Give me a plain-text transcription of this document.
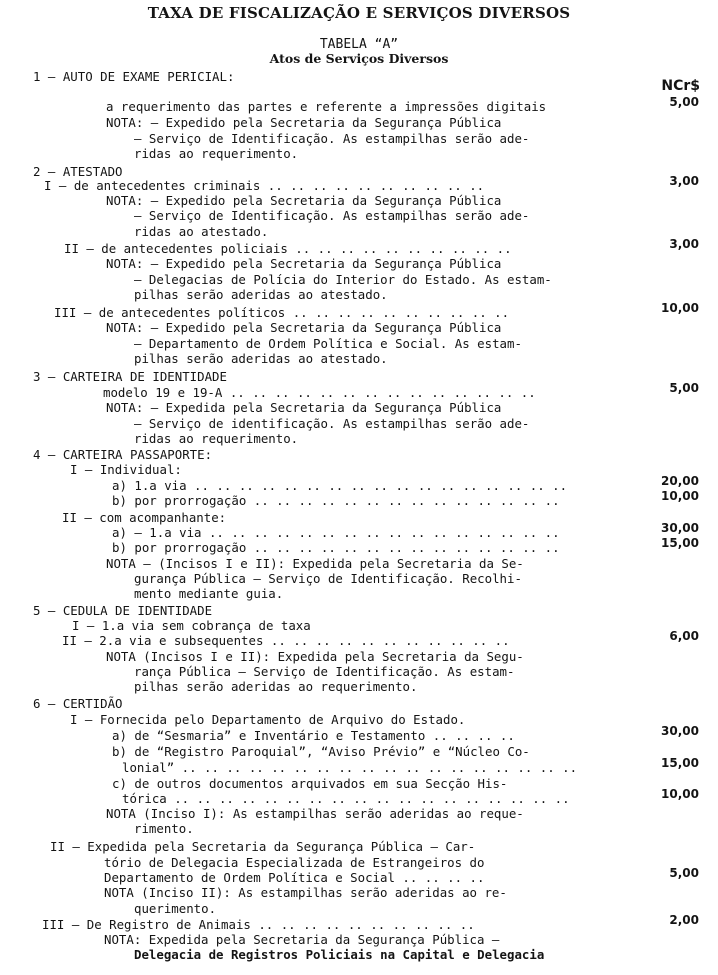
TAXA DE FISCALIZAÇÃO E SERVIÇOS DIVERSOS
TABELA “A”
Atos de Serviços Diversos
NCr$
1 — AUTO DE EXAME PERICIAL:
a requerimento das partes e referente a impressões digitais	5,00
NOTA: — Expedido pela Secretaria da Segurança Pública
— Serviço de Identificação. As estampilhas serão ade-
ridas ao requerimento.
2 — ATESTADO
I — de antecedentes criminais .. .. .. .. .. .. .. .. .. ..	3,00
NOTA: — Expedido pela Secretaria da Segurança Pública
— Serviço de Identificação. As estampilhas serão ade-
ridas ao atestado.
II — de antecedentes policiais .. .. .. .. .. .. .. .. .. ..	3,00
NOTA: — Expedido pela Secretaria da Segurança Pública
— Delegacias de Polícia do Interior do Estado. As estam-
pilhas serão aderidas ao atestado.
III — de antecedentes políticos .. .. .. .. .. .. .. .. .. ..	10,00
NOTA: — Expedido pela Secretaria da Segurança Pública
— Departamento de Ordem Política e Social. As estam-
pilhas serão aderidas ao atestado.
3 — CARTEIRA DE IDENTIDADE
modelo 19 e 19-A .. .. .. .. .. .. .. .. .. .. .. .. .. ..	5,00
NOTA: — Expedida pela Secretaria da Segurança Pública
— Serviço de identificação. As estampilhas serão ade-
ridas ao requerimento.
4 — CARTEIRA PASSAPORTE:
I — Individual:
a) 1.a via .. .. .. .. .. .. .. .. .. .. .. .. .. .. .. .. ..	20,00
b) por prorrogação .. .. .. .. .. .. .. .. .. .. .. .. .. ..	10,00
II — com acompanhante:
a) — 1.a via .. .. .. .. .. .. .. .. .. .. .. .. .. .. .. ..	30,00
b) por prorrogação .. .. .. .. .. .. .. .. .. .. .. .. .. ..	15,00
NOTA — (Incisos I e II): Expedida pela Secretaria da Se-
gurança Pública — Serviço de Identificação. Recolhi-
mento mediante guia.
5 — CEDULA DE IDENTIDADE
I — 1.a via sem cobrança de taxa
II — 2.a via e subsequentes .. .. .. .. .. .. .. .. .. .. ..	6,00
NOTA (Incisos I e II): Expedida pela Secretaria da Segu-
rança Pública — Serviço de Identificação. As estam-
pilhas serão aderidas ao requerimento.
6 — CERTIDÃO
I — Fornecida pelo Departamento de Arquivo do Estado.
a) de “Sesmaria” e Inventário e Testamento .. .. .. ..	30,00
b) de “Registro Paroquial”, “Aviso Prévio” e “Núcleo Co-
lonial” .. .. .. .. .. .. .. .. .. .. .. .. .. .. .. .. .. ..	15,00
c) de outros documentos arquivados em sua Secção His-
tórica .. .. .. .. .. .. .. .. .. .. .. .. .. .. .. .. .. ..	10,00
NOTA (Inciso I): As estampilhas serão aderidas ao reque-
rimento.
II — Expedida pela Secretaria da Segurança Pública — Car-
tório de Delegacia Especializada de Estrangeiros do
Departamento de Ordem Política e Social .. .. .. ..	5,00
NOTA (Inciso II): As estampilhas serão aderidas ao re-
querimento.
III — De Registro de Animais .. .. .. .. .. .. .. .. .. ..	2,00
NOTA: Expedida pela Secretaria da Segurança Pública —
Delegacia de Registros Policiais na Capital e Delegacia
